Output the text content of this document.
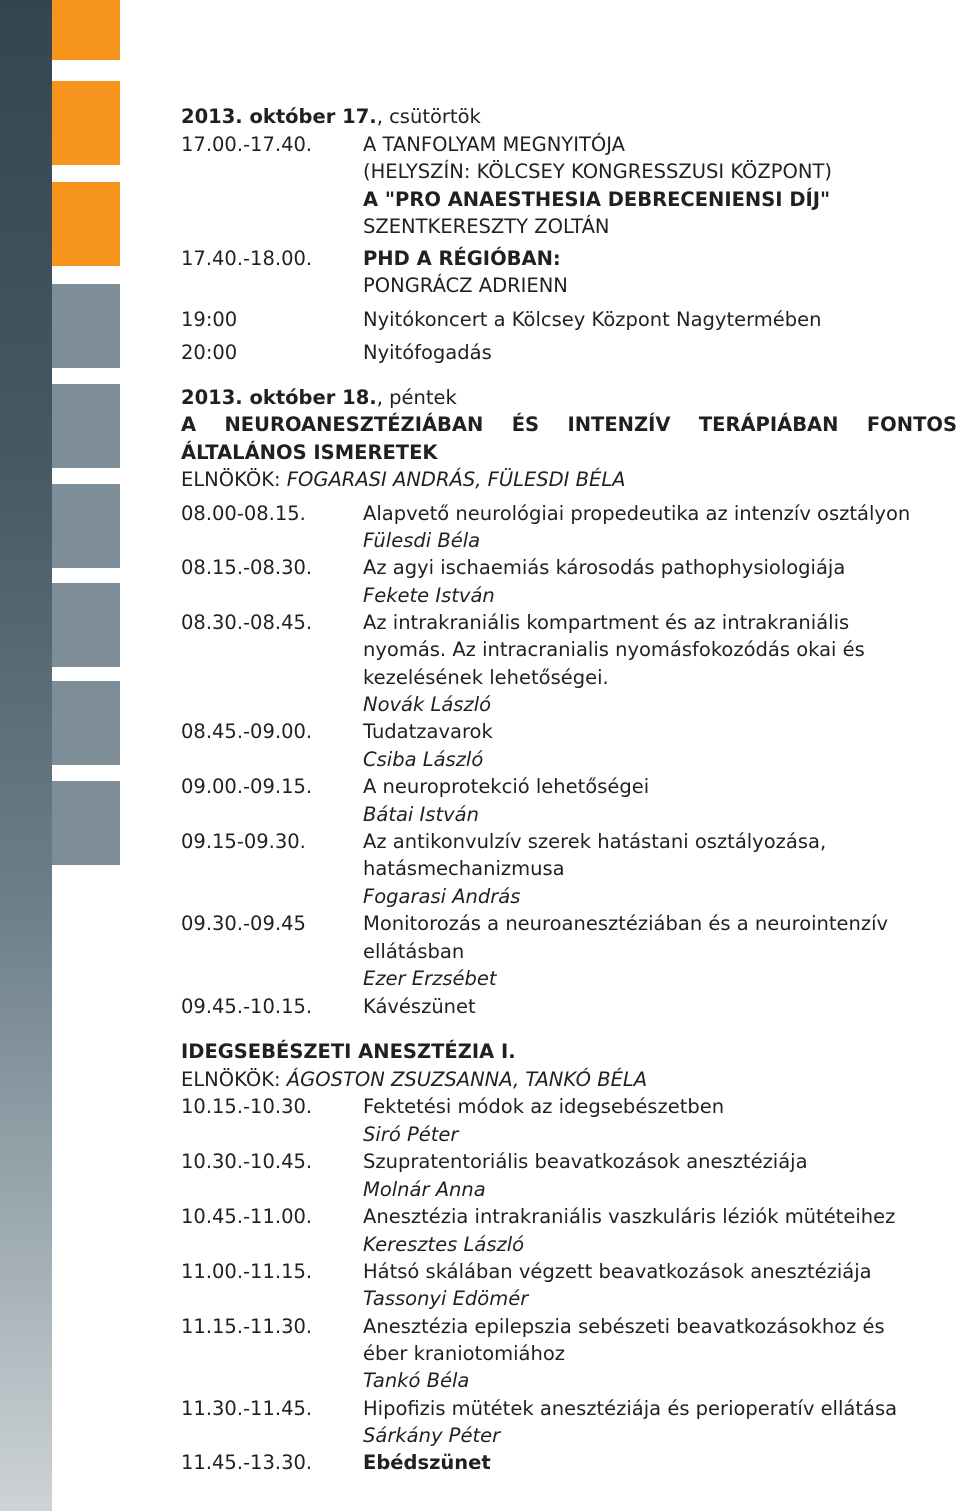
2013. október 17., csütörtök
17.00.-17.40.	A TANFOLYAM MEGNYITÓJA
(HELYSZÍN: KÖLCSEY KONGRESSZUSI KÖZPONT)
A "PRO ANAESTHESIA DEBRECENIENSI DÍJ"
SZENTKERESZTY ZOLTÁN
17.40.-18.00.	PHD A RÉGIÓBAN:
PONGRÁCZ ADRIENN
19:00	Nyitókoncert a Kölcsey Központ Nagytermében
20:00	Nyitófogadás
2013. október 18., péntek
A NEUROANESZTÉZIÁBAN ÉS INTENZÍV TERÁPIÁBAN FONTOS
ÁLTALÁNOS ISMERETEK
ELNÖKÖK: FOGARASI ANDRÁS, FÜLESDI BÉLA
08.00-08.15.	Alapvető neurológiai propedeutika az intenzív osztályon
Fülesdi Béla
08.15.-08.30.	Az agyi ischaemiás károsodás pathophysiologiája
Fekete István
08.30.-08.45.	Az intrakraniális kompartment és az intrakraniális
nyomás. Az intracranialis nyomásfokozódás okai és
kezelésének lehetőségei.
Novák László
08.45.-09.00.	Tudatzavarok
Csiba László
09.00.-09.15.	A neuroprotekció lehetőségei
Bátai István
09.15-09.30.	Az antikonvulzív szerek hatástani osztályozása,
hatásmechanizmusa
Fogarasi András
09.30.-09.45	Monitorozás a neuroanesztéziában és a neurointenzív
ellátásban
Ezer Erzsébet
09.45.-10.15.	Kávészünet
IDEGSEBÉSZETI ANESZTÉZIA I.
ELNÖKÖK: ÁGOSTON ZSUZSANNA, TANKÓ BÉLA
10.15.-10.30.	Fektetési módok az idegsebészetben
Siró Péter
10.30.-10.45.	Szupratentoriális beavatkozások anesztéziája
Molnár Anna
10.45.-11.00.	Anesztézia intrakraniális vaszkuláris léziók mütéteihez
Keresztes László
11.00.-11.15.	Hátsó skálában végzett beavatkozások anesztéziája
Tassonyi Edömér
11.15.-11.30.	Anesztézia epilepszia sebészeti beavatkozásokhoz és
éber kraniotomiához
Tankó Béla
11.30.-11.45.	Hipofizis mütétek anesztéziája és perioperatív ellátása
Sárkány Péter
11.45.-13.30.	Ebédszünet
